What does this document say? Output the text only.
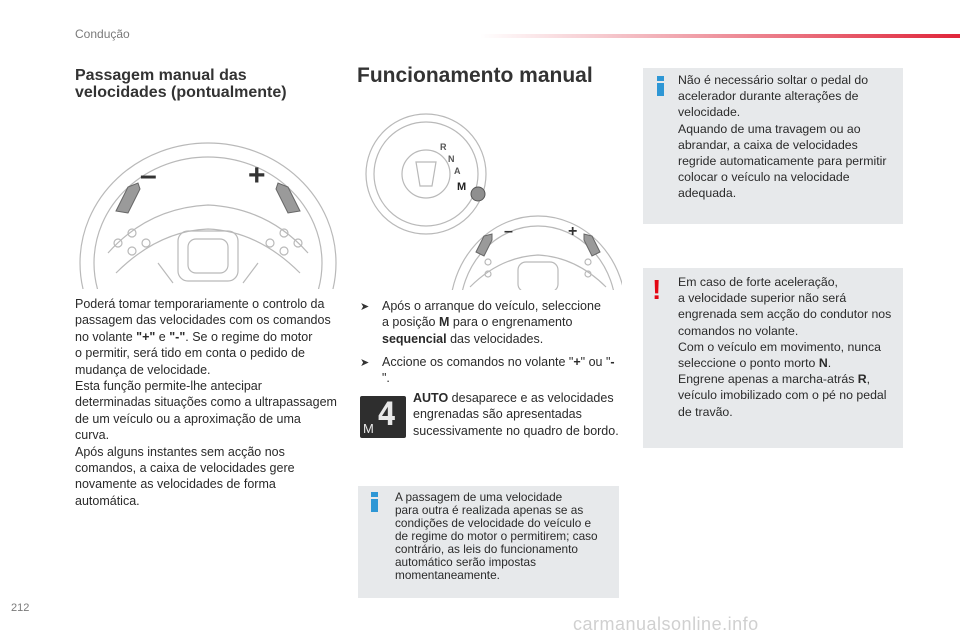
Condução
Passagem manual das
velocidades (pontualmente)
–	+
Poderá tomar temporariamente o controlo da
passagem das velocidades com os comandos
no volante "+" e "-". Se o regime do motor
o permitir, será tido em conta o pedido de
mudança de velocidade.
Esta função permite-lhe antecipar
determinadas situações como a ultrapassagem
de um veículo ou a aproximação de uma curva.
Após alguns instantes sem acção nos
comandos, a caixa de velocidades gere
novamente as velocidades de forma
automática.
Funcionamento manual
R
N
A
M
–	+
➤ Após o arranque do veículo, seleccione
a posição M para o engrenamento
sequencial das velocidades.
➤	Accione os comandos no volante "+" ou "-".
4
M
AUTO desaparece e as velocidades
engrenadas são apresentadas
sucessivamente no quadro de bordo.
A passagem de uma velocidade
para outra é realizada apenas se as
condições de velocidade do veículo e
de regime do motor o permitirem; caso
contrário, as leis do funcionamento
automático serão impostas
momentaneamente.
Não é necessário soltar o pedal do
acelerador durante alterações de
velocidade.
Aquando de uma travagem ou ao
abrandar, a caixa de velocidades
regride automaticamente para permitir
colocar o veículo na velocidade
adequada.
! Em caso de forte aceleração,
a velocidade superior não será
engrenada sem acção do condutor nos
comandos no volante.
Com o veículo em movimento, nunca
seleccione o ponto morto N.
Engrene apenas a marcha-atrás R,
veículo imobilizado com o pé no pedal
de travão.
212
carmanualsonline.info
